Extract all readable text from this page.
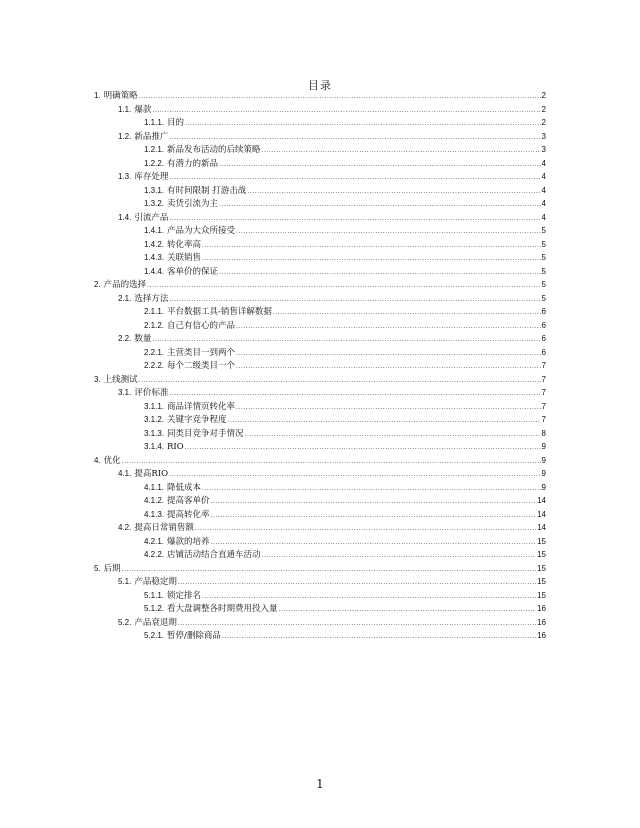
目录
1. 明确策略 .....	2
1.1. 爆款 .....	2
1.1.1. 目的 .....	2
1.2. 新品推广 .....	3
1.2.1. 新品发布活动的后续策略 .....	3
1.2.2. 有潜力的新品 .....	4
1.3. 库存处理 .....	4
1.3.1. 有时间限制 打游击战 .....	4
1.3.2. 卖货引流为主 .....	4
1.4. 引流产品 .....	4
1.4.1. 产品为大众所接受 .....	5
1.4.2. 转化率高 .....	5
1.4.3. 关联销售 .....	5
1.4.4. 客单价的保证 .....	5
2. 产品的选择 .....	5
2.1. 选择方法 .....	5
2.1.1. 平台数据工具-销售详解数据 .....	6
2.1.2. 自己有信心的产品 .....	6
2.2. 数量 .....	6
2.2.1. 主营类目一到两个 .....	6
2.2.2. 每个二级类目一个 .....	7
3. 上线测试 .....	7
3.1. 评价标准 .....	7
3.1.1. 商品详情页转化率 .....	7
3.1.2. 关键字竞争程度 .....	7
3.1.3. 同类目竞争对手情况 .....	8
3.1.4. RIO .....	9
4. 优化 .....	9
4.1. 提高RIO .....	9
4.1.1. 降低成本 .....	9
4.1.2. 提高客单价 .....	14
4.1.3. 提高转化率 .....	14
4.2. 提高日常销售额 .....	14
4.2.1. 爆款的培养 .....	15
4.2.2. 店铺活动结合直通车活动 .....	15
5. 后期 .....	15
5.1. 产品稳定期 .....	15
5.1.1. 锁定排名 .....	15
5.1.2. 看大盘调整各时期费用投入量 .....	16
5.2. 产品衰退期 .....	16
5.2.1. 暂停/删除商品 .....	16
1
